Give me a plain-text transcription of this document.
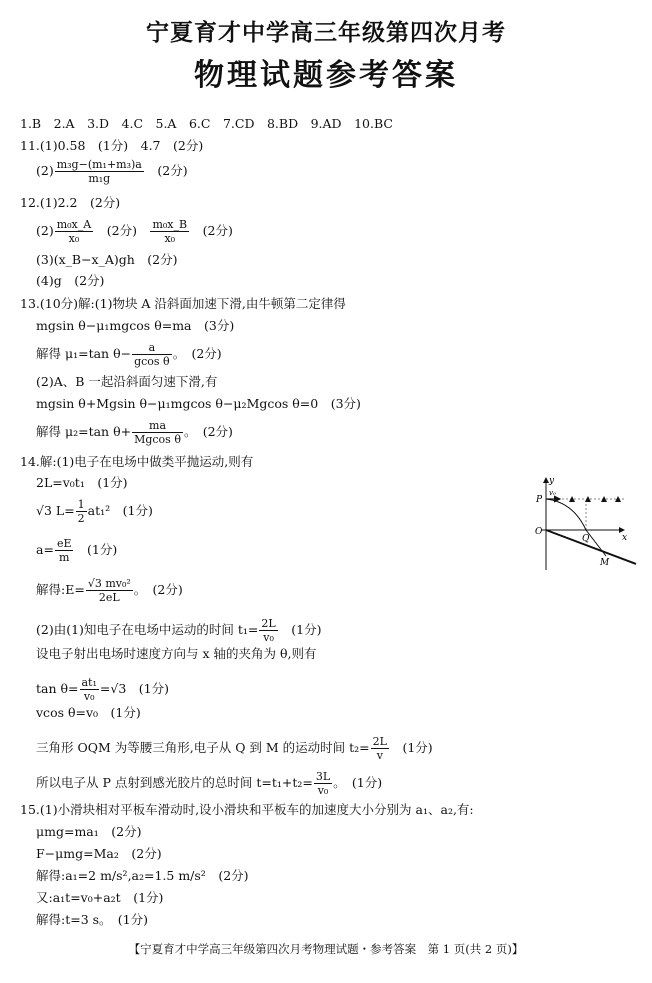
宁夏育才中学高三年级第四次月考
物理试题参考答案
1.B　2.A　3.D　4.C　5.A　6.C　7.CD　8.BD　9.AD　10.BC
11.(1)0.58　(1分)　4.7　(2分)
$(2) \frac{\text{m₃g−(m₁+m₃)a}}{\text{m₁g}}$
　 (2分)
12.(1)2.2　(2分)
$(2) \frac{\text{m₀x\_A}}{\text{x₀}}$
　 (2分)　 $\frac{\text{m₀x\_B}}{\text{x₀}}$
　 (2分)
(3)(x_B−x_A)gh　(2分)
(4)g　(2分)
13.(10分)解:(1)物块 A 沿斜面加速下滑,由牛顿第二定律得
mgsin θ−μ₁mgcos θ=ma　(3分)
解得 μ₁=tan $\theta- \frac{a}{\text{gcos θ}}$ 。　(2分)
(2)A、B 一起沿斜面匀速下滑,有
mgsin θ+Mgsin θ−μ₁mgcos θ−μ₂Mgcos θ=0　(3分)
解得 μ₂=tan $\theta+ \frac{ma}{\text{Mgcos θ}}$ 。　(2分)
14.解:(1)电子在电场中做类平抛运动,则有
2L=v₀t₁　(1分)
√3 $L= \frac{1}{2} at_1^2$　(1分)
$a= \frac{eE}{m}$
　 (1分)
解得:E= $\frac{\text{√3 mv₀²}}{2eL}$ 。　(2分)
(2)由(1)知电子在电场中运动的时间 $t_1= \frac{2L}{\text{v₀}}$
　 (1分)
设电子射出电场时速度方向与 x 轴的夹角为 θ,则有
$\tan \theta= \frac{\text{at₁}}{\text{v₀}} =√3$　(1分)
vcos θ=v₀　(1分)
三角形 OQM 为等腰三角形,电子从 Q 到 M 的运动时间 $t_2= \frac{2L}{v}$
　 (1分)
所以电子从 P 点射到感光胶片的总时间 $t=t_1+t_2= \frac{3L}{\text{v₀}}$ 。　(1分)
15.(1)小滑块相对平板车滑动时,设小滑块和平板车的加速度大小分别为 a₁、a₂,有:
μmg=ma₁　(2分)
F−μmg=Ma₂　(2分)
解得:a₁=2 m/s²,a₂=1.5 m/s²　(2分)
又:a₁t=v₀+a₂t　(1分)
解得:t=3 s。　(1分)
y
x
P
O
Q
M
v₀
【宁夏育才中学高三年级第四次月考物理试题・参考答案　第 1 页(共 2 页)】
